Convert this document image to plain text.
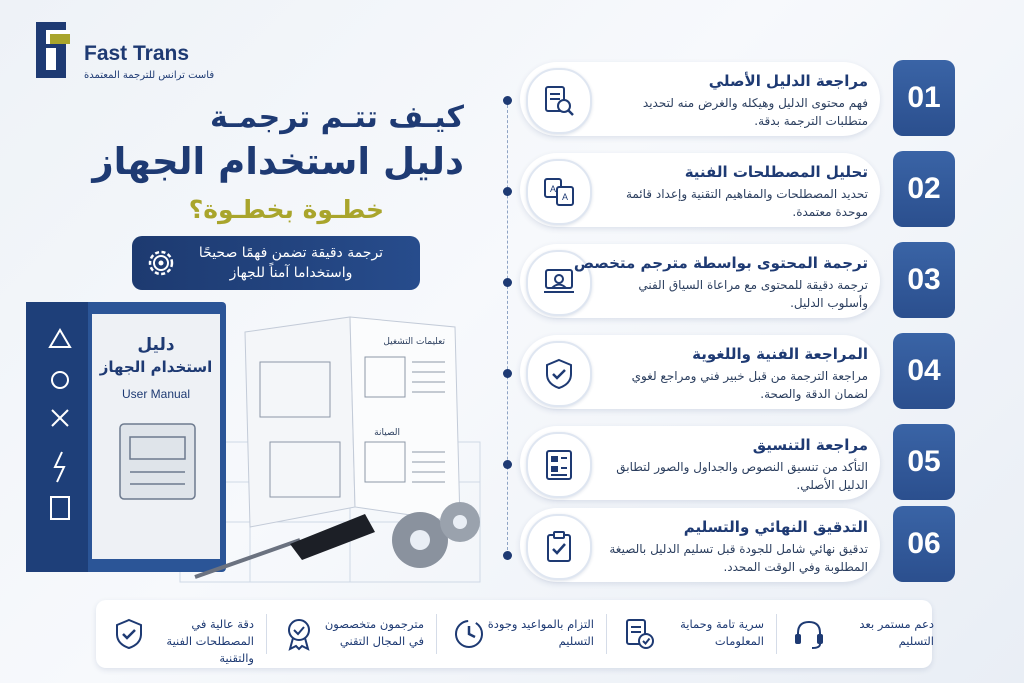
Fast Trans
فاست ترانس للترجمة المعتمدة
كيـف تتـم ترجمـة
دليل استخدام الجهاز
خطـوة بخطـوة؟
ترجمة دقيقة تضمن فهمًا صحيحًا واستخداما آمناً للجهاز
تعليمات التشغيل
الصيانة
دليل
استخدام الجهاز
User Manual
مراجعة الدليل الأصلي
فهم محتوى الدليل وهيكله والغرض منه لتحديد متطلبات الترجمة بدقة.
01
A
A
تحليل المصطلحات الفنية
تحديد المصطلحات والمفاهيم التقنية وإعداد قائمة موحدة معتمدة.
02
ترجمة المحتوى بواسطة مترجم متخصص
ترجمة دقيقة للمحتوى مع مراعاة السياق الفني وأسلوب الدليل.
03
المراجعة الفنية واللغوية
مراجعة الترجمة من قبل خبير فني ومراجع لغوي لضمان الدقة والصحة.
04
مراجعة التنسيق
التأكد من تنسيق النصوص والجداول والصور لتطابق الدليل الأصلي.
05
التدقيق النهائي والتسليم
تدقيق نهائي شامل للجودة قبل تسليم الدليل بالصيغة المطلوبة وفي الوقت المحدد.
06
دقة عالية في المصطلحات الفنية والتقنية
مترجمون متخصصون في المجال التقني
التزام بالمواعيد وجودة التسليم
سرية تامة وحماية المعلومات
دعم مستمر بعد التسليم
